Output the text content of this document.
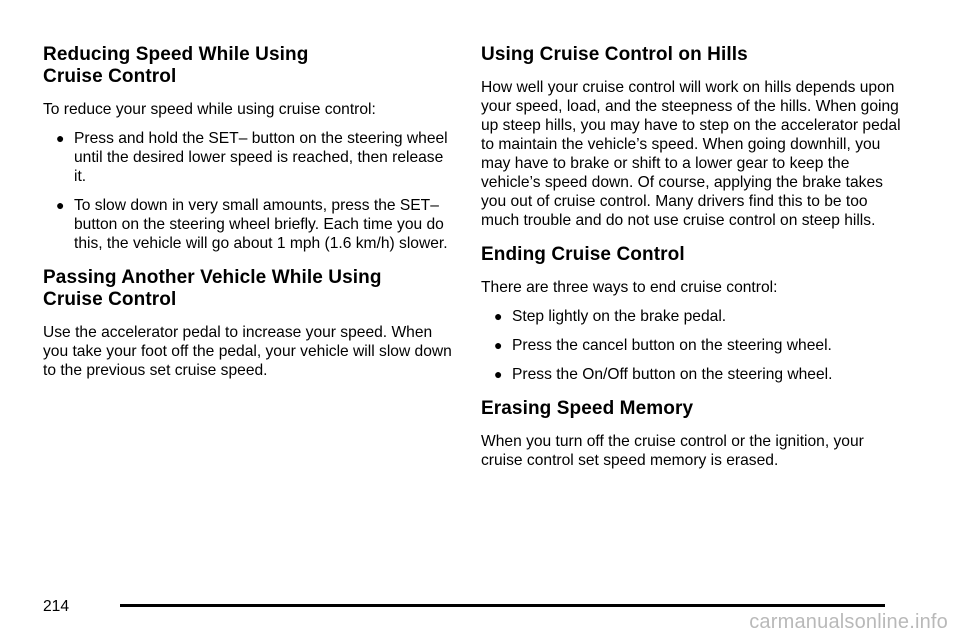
Reducing Speed While Using
Cruise Control

To reduce your speed while using cruise control:

● Press and hold the SET– button on the steering wheel until the desired lower speed is reached, then release it.
● To slow down in very small amounts, press the SET– button on the steering wheel briefly. Each time you do this, the vehicle will go about 1 mph (1.6 km/h) slower.
Passing Another Vehicle While Using
Cruise Control

Use the accelerator pedal to increase your speed. When you take your foot off the pedal, your vehicle will slow down to the previous set cruise speed.

Using Cruise Control on Hills

How well your cruise control will work on hills depends upon your speed, load, and the steepness of the hills. When going up steep hills, you may have to step on the accelerator pedal to maintain the vehicle’s speed. When going downhill, you may have to brake or shift to a lower gear to keep the vehicle’s speed down. Of course, applying the brake takes you out of cruise control. Many drivers find this to be too much trouble and do not use cruise control on steep hills.

Ending Cruise Control

There are three ways to end cruise control:

● Step lightly on the brake pedal.
● Press the cancel button on the steering wheel.
● Press the On/Off button on the steering wheel.
Erasing Speed Memory

When you turn off the cruise control or the ignition, your cruise control set speed memory is erased.

214
carmanualsonline.info
